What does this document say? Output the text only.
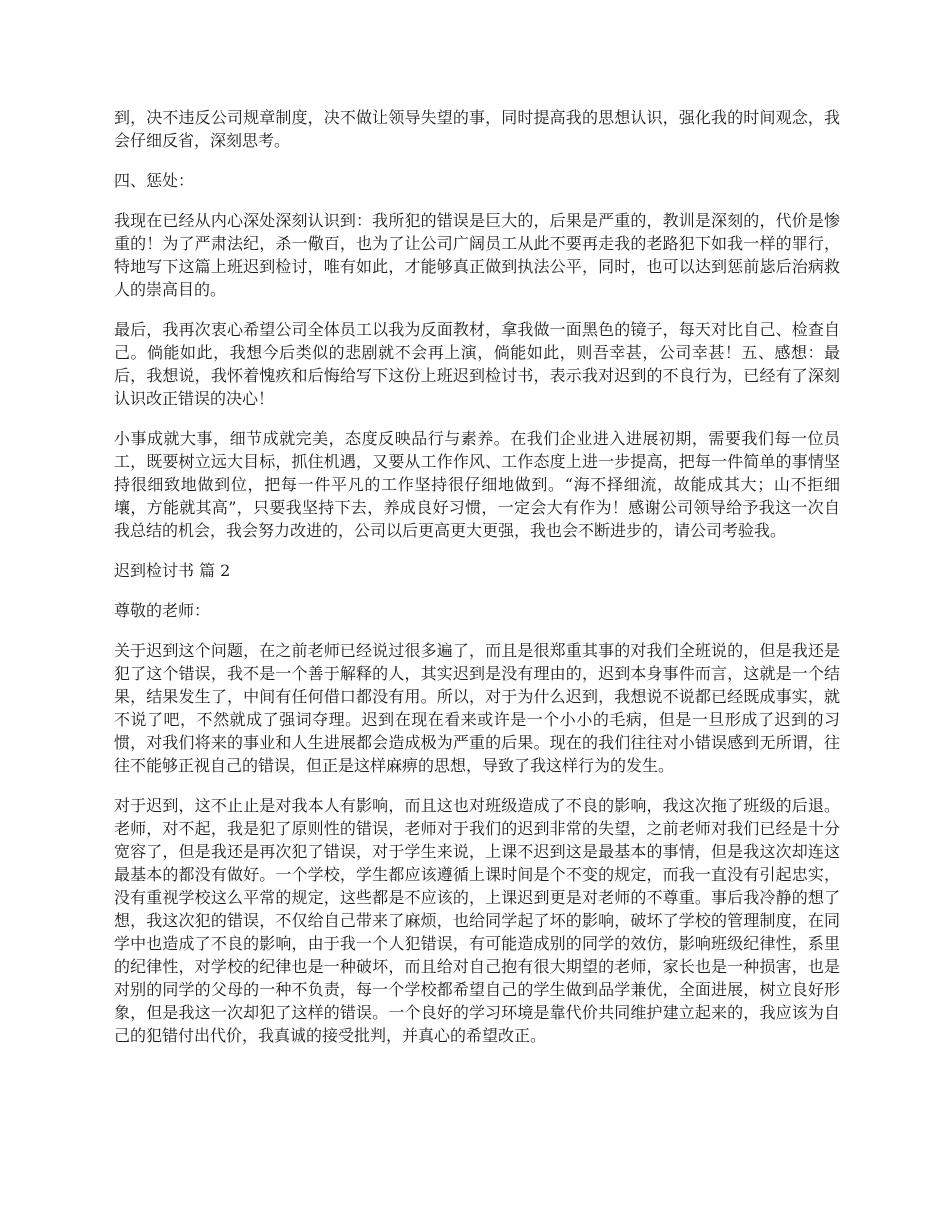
到，决不违反公司规章制度，决不做让领导失望的事，同时提高我的思想认识，强化我的时间观念，我会仔细反省，深刻思考。

四、惩处：

我现在已经从内心深处深刻认识到：我所犯的错误是巨大的，后果是严重的，教训是深刻的，代价是惨重的！为了严肃法纪，杀一儆百，也为了让公司广阔员工从此不要再走我的老路犯下如我一样的罪行，特地写下这篇上班迟到检讨，唯有如此，才能够真正做到执法公平，同时，也可以达到惩前毖后治病救人的崇高目的。

最后，我再次衷心希望公司全体员工以我为反面教材，拿我做一面黑色的镜子，每天对比自己、检查自己。倘能如此，我想今后类似的悲剧就不会再上演，倘能如此，则吾幸甚，公司幸甚！五、感想：最后，我想说，我怀着愧疚和后悔给写下这份上班迟到检讨书，表示我对迟到的不良行为，已经有了深刻认识改正错误的决心！

小事成就大事，细节成就完美，态度反映品行与素养。在我们企业进入进展初期，需要我们每一位员工，既要树立远大目标，抓住机遇，又要从工作作风、工作态度上进一步提高，把每一件简单的事情坚持很细致地做到位，把每一件平凡的工作坚持很仔细地做到。“海不择细流，故能成其大；山不拒细壤，方能就其高”，只要我坚持下去，养成良好习惯，一定会大有作为！感谢公司领导给予我这一次自我总结的机会，我会努力改进的，公司以后更高更大更强，我也会不断进步的，请公司考验我。

迟到检讨书 篇 2

尊敬的老师：

关于迟到这个问题，在之前老师已经说过很多遍了，而且是很郑重其事的对我们全班说的，但是我还是犯了这个错误，我不是一个善于解释的人，其实迟到是没有理由的，迟到本身事件而言，这就是一个结果，结果发生了，中间有任何借口都没有用。所以，对于为什么迟到，我想说不说都已经既成事实，就不说了吧，不然就成了强词夺理。迟到在现在看来或许是一个小小的毛病，但是一旦形成了迟到的习惯，对我们将来的事业和人生进展都会造成极为严重的后果。现在的我们往往对小错误感到无所谓，往往不能够正视自己的错误，但正是这样麻痹的思想，导致了我这样行为的发生。

对于迟到，这不止止是对我本人有影响，而且这也对班级造成了不良的影响，我这次拖了班级的后退。老师，对不起，我是犯了原则性的错误，老师对于我们的迟到非常的失望，之前老师对我们已经是十分宽容了，但是我还是再次犯了错误，对于学生来说，上课不迟到这是最基本的事情，但是我这次却连这最基本的都没有做好。一个学校，学生都应该遵循上课时间是个不变的规定，而我一直没有引起忠实，没有重视学校这么平常的规定，这些都是不应该的，上课迟到更是对老师的不尊重。事后我冷静的想了想，我这次犯的错误，不仅给自己带来了麻烦，也给同学起了坏的影响，破坏了学校的管理制度，在同学中也造成了不良的影响，由于我一个人犯错误，有可能造成别的同学的效仿，影响班级纪律性，系里的纪律性，对学校的纪律也是一种破坏，而且给对自己抱有很大期望的老师，家长也是一种损害，也是对别的同学的父母的一种不负责，每一个学校都希望自己的学生做到品学兼优，全面进展，树立良好形象，但是我这一次却犯了这样的错误。一个良好的学习环境是靠代价共同维护建立起来的，我应该为自己的犯错付出代价，我真诚的接受批判，并真心的希望改正。
